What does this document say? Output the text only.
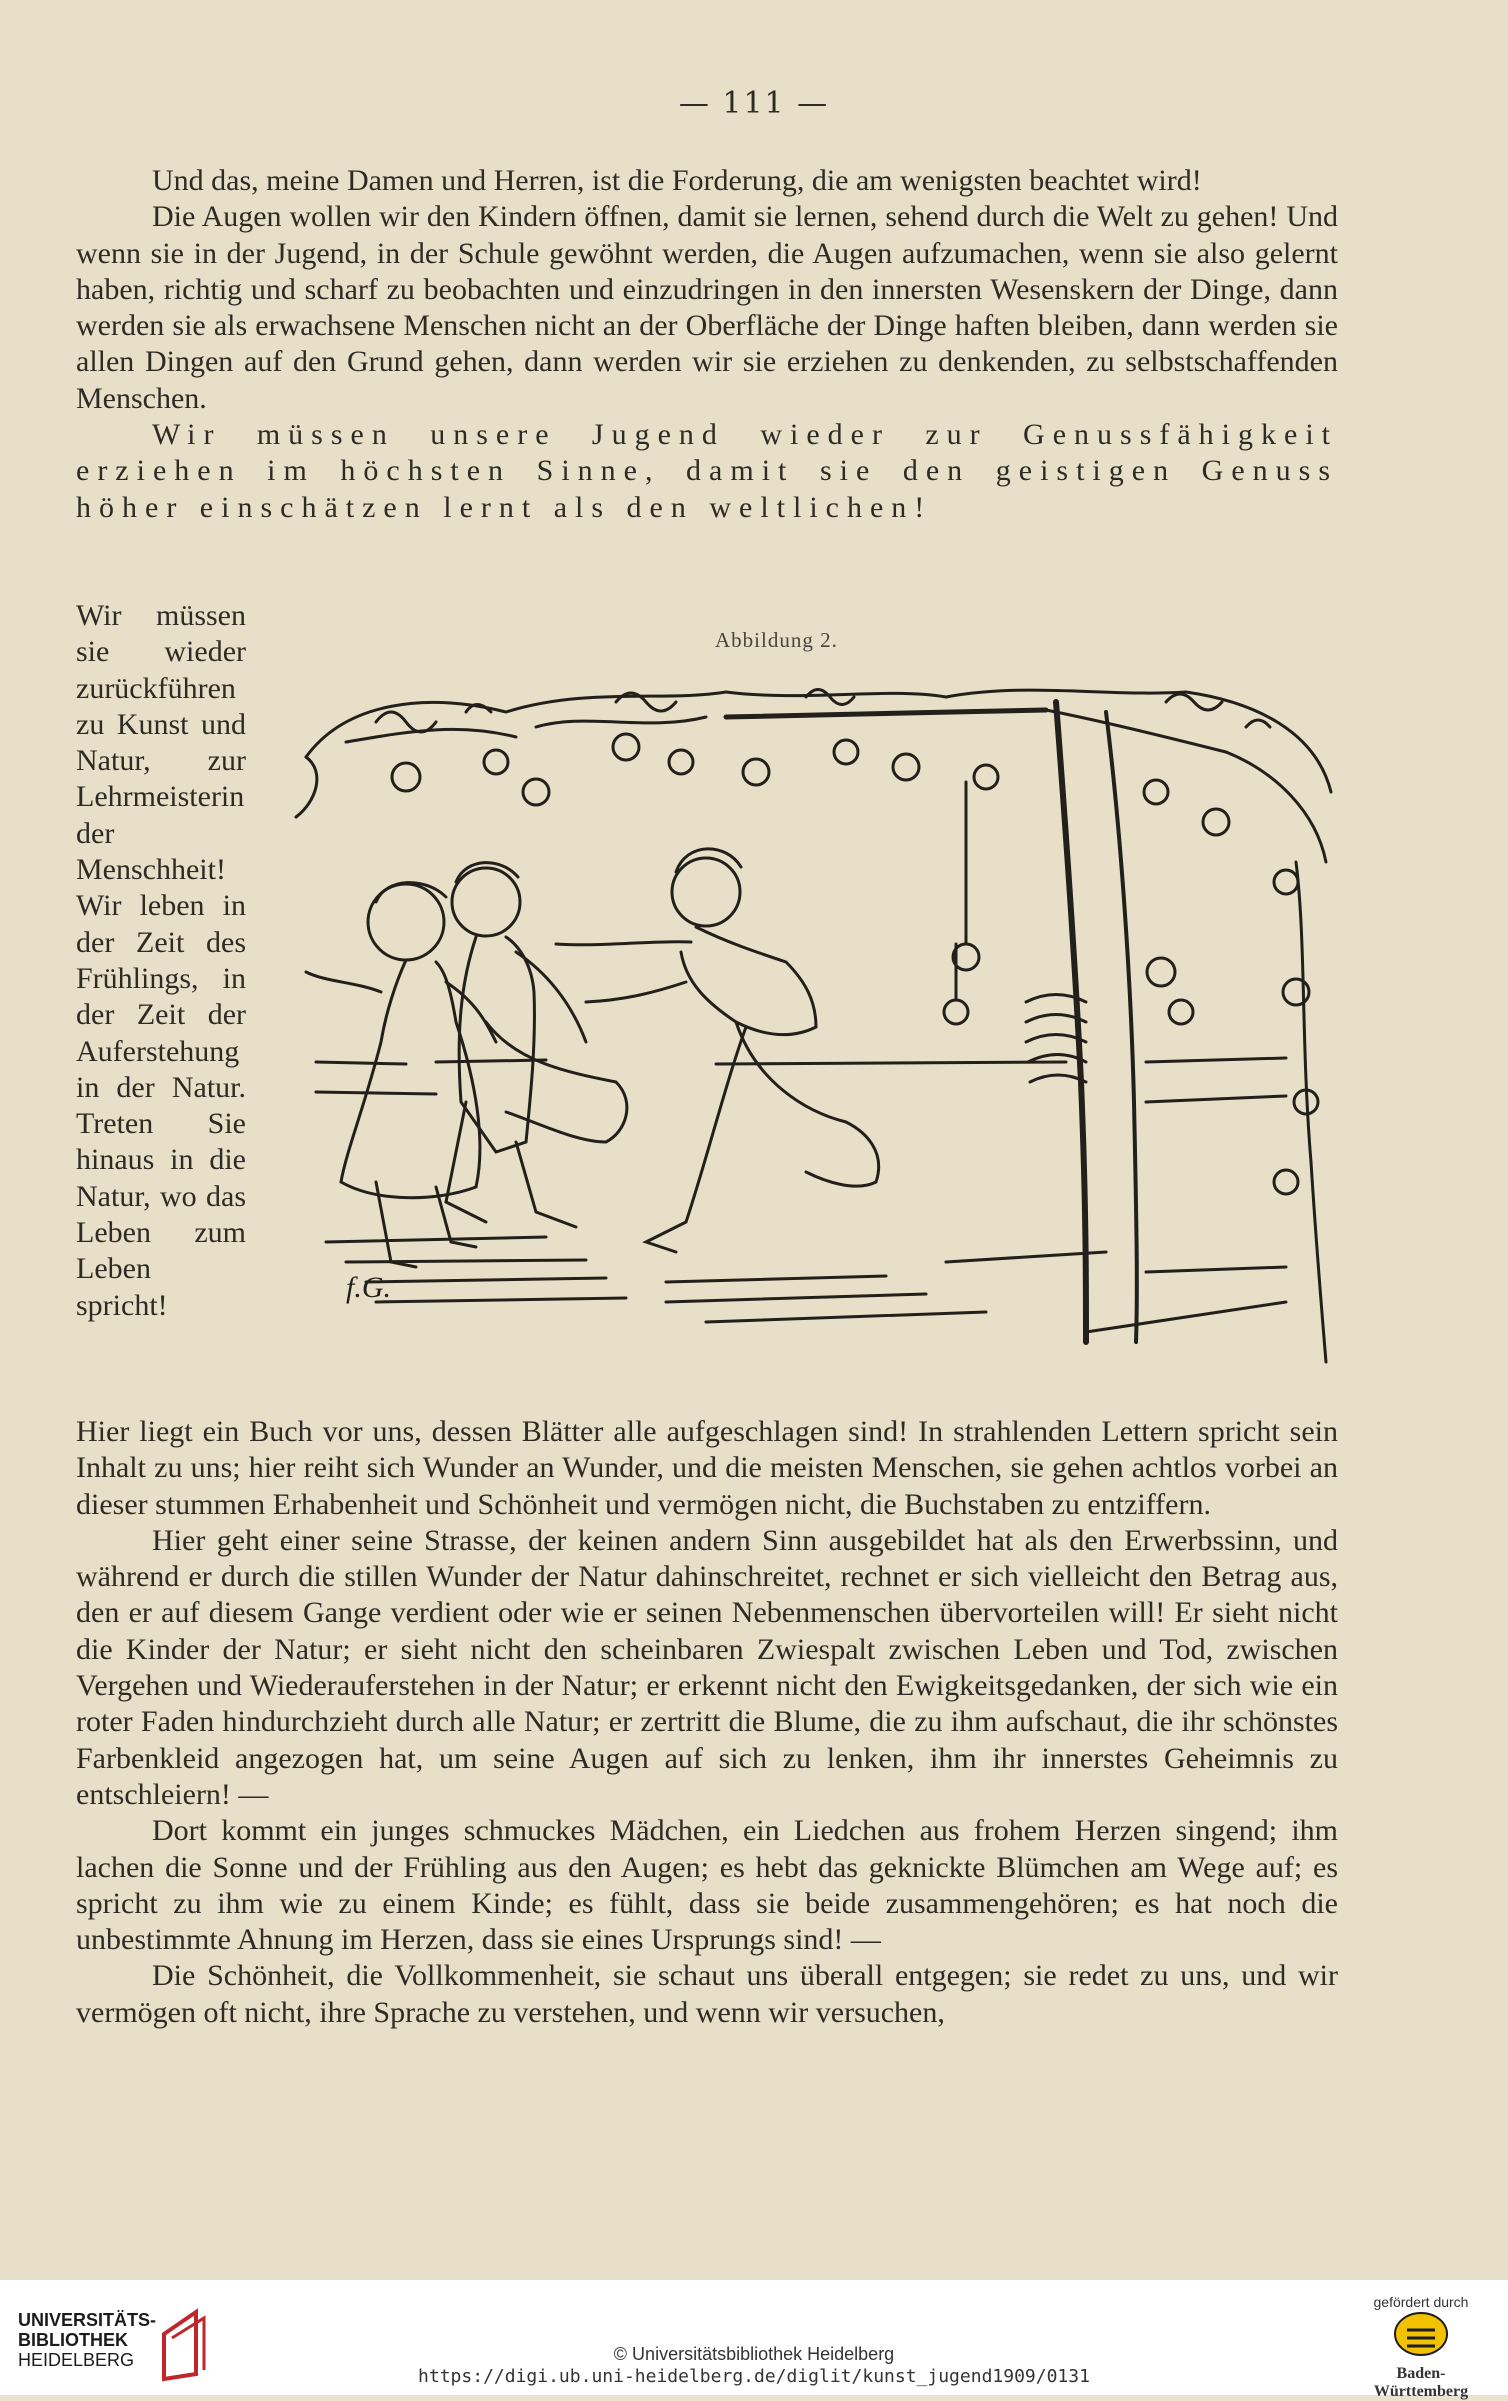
— 111 —

Und das, meine Damen und Herren, ist die Forderung, die am wenigsten beachtet wird!

Die Augen wollen wir den Kindern öffnen, damit sie lernen, sehend durch die Welt zu gehen! Und wenn sie in der Jugend, in der Schule gewöhnt werden, die Augen aufzumachen, wenn sie also gelernt haben, richtig und scharf zu beobachten und einzudringen in den innersten Wesenskern der Dinge, dann werden sie als erwachsene Menschen nicht an der Oberfläche der Dinge haften bleiben, dann werden sie allen Dingen auf den Grund gehen, dann werden wir sie erziehen zu denkenden, zu selbstschaffenden Menschen.

Wir müssen unsere Jugend wieder zur Genussfähigkeit erziehen im höchsten Sinne, damit sie den geistigen Genuss höher einschätzen lernt als den weltlichen!

Wir müssen sie wieder zurückführen zu Kunst und Natur, zur Lehrmeisterin der Menschheit! Wir leben in der Zeit des Frühlings, in der Zeit der Auferstehung in der Natur. Treten Sie hinaus in die Natur, wo das Leben zum Leben spricht!

Abbildung 2.
f.G.

Hier liegt ein Buch vor uns, dessen Blätter alle aufgeschlagen sind! In strahlenden Lettern spricht sein Inhalt zu uns; hier reiht sich Wunder an Wunder, und die meisten Menschen, sie gehen achtlos vorbei an dieser stummen Erhabenheit und Schönheit und vermögen nicht, die Buchstaben zu entziffern.

Hier geht einer seine Strasse, der keinen andern Sinn ausgebildet hat als den Erwerbssinn, und während er durch die stillen Wunder der Natur dahinschreitet, rechnet er sich vielleicht den Betrag aus, den er auf diesem Gange verdient oder wie er seinen Nebenmenschen übervorteilen will! Er sieht nicht die Kinder der Natur; er sieht nicht den scheinbaren Zwiespalt zwischen Leben und Tod, zwischen Vergehen und Wiederauferstehen in der Natur; er erkennt nicht den Ewigkeitsgedanken, der sich wie ein roter Faden hindurchzieht durch alle Natur; er zertritt die Blume, die zu ihm aufschaut, die ihr schönstes Farbenkleid angezogen hat, um seine Augen auf sich zu lenken, ihm ihr innerstes Geheimnis zu entschleiern! —

Dort kommt ein junges schmuckes Mädchen, ein Liedchen aus frohem Herzen singend; ihm lachen die Sonne und der Frühling aus den Augen; es hebt das geknickte Blümchen am Wege auf; es spricht zu ihm wie zu einem Kinde; es fühlt, dass sie beide zusammengehören; es hat noch die unbestimmte Ahnung im Herzen, dass sie eines Ursprungs sind! —

Die Schönheit, die Vollkommenheit, sie schaut uns überall entgegen; sie redet zu uns, und wir vermögen oft nicht, ihre Sprache zu verstehen, und wenn wir versuchen,

UNIVERSITÄTS-
BIBLIOTHEK
HEIDELBERG	© Universitätsbibliothek Heidelberg
https://digi.ub.uni-heidelberg.de/diglit/kunst_jugend1909/0131
gefördert durch
Baden-Württemberg
